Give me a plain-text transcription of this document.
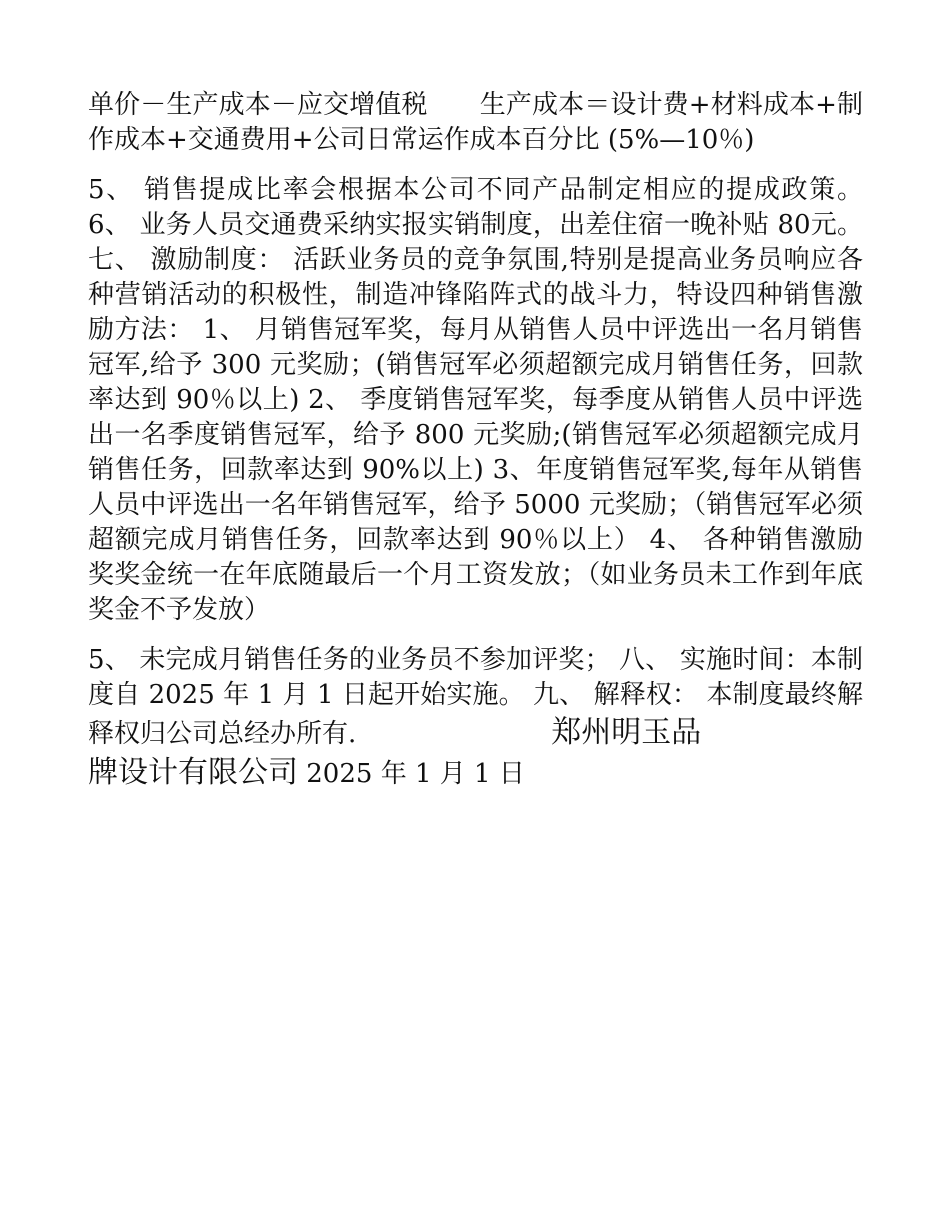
单价－生产成本－应交增值税　　生产成本＝设计费+材料成本+制作成本+交通费用+公司日常运作成本百分比 (5%—10％)

5、 销售提成比率会根据本公司不同产品制定相应的提成政策。 6、 业务人员交通费采纳实报实销制度，出差住宿一晚补贴 80元。 七、 激励制度： 活跃业务员的竞争氛围,特别是提高业务员响应各种营销活动的积极性，制造冲锋陷阵式的战斗力，特设四种销售激励方法： 1、 月销售冠军奖，每月从销售人员中评选出一名月销售冠军,给予 300 元奖励；(销售冠军必须超额完成月销售任务，回款率达到 90％以上) 2、 季度销售冠军奖，每季度从销售人员中评选出一名季度销售冠军，给予 800 元奖励;(销售冠军必须超额完成月销售任务，回款率达到 90%以上) 3、年度销售冠军奖,每年从销售人员中评选出一名年销售冠军，给予 5000 元奖励；（销售冠军必须超额完成月销售任务，回款率达到 90％以上） 4、 各种销售激励奖奖金统一在年底随最后一个月工资发放；（如业务员未工作到年底奖金不予发放）

5、 未完成月销售任务的业务员不参加评奖； 八、 实施时间：本制度自 2025 年 1 月 1 日起开始实施。 九、 解释权： 本制度最终解释权归公司总经办所有.               	郑州明玉品
牌设计有限公司 2025 年 1 月 1 日
